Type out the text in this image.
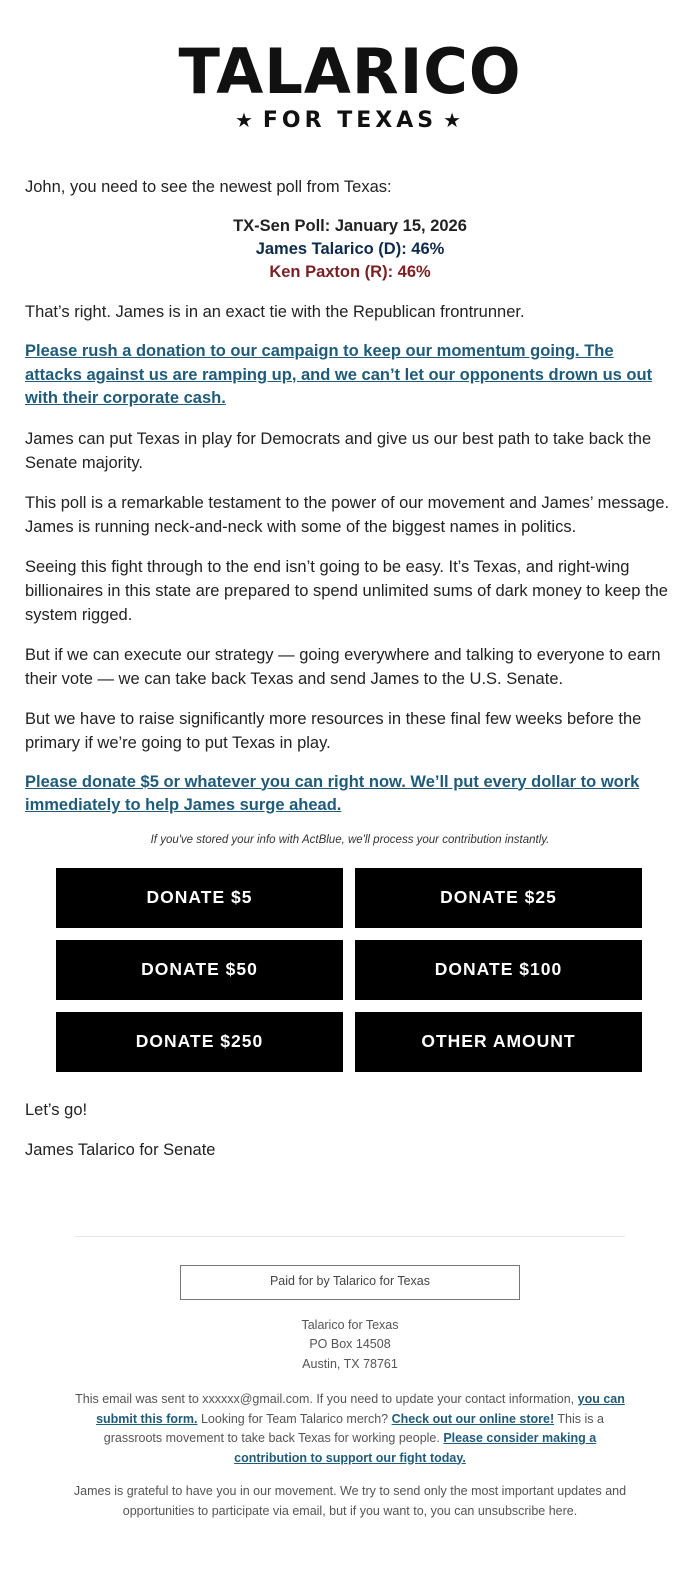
TALARICO
★ FOR TEXAS ★

John, you need to see the newest poll from Texas:

TX-Sen Poll: January 15, 2026
James Talarico (D): 46%
Ken Paxton (R): 46%

That’s right. James is in an exact tie with the Republican frontrunner.

Please rush a donation to our campaign to keep our momentum going. The attacks against us are ramping up, and we can’t let our opponents drown us out with their corporate cash.

James can put Texas in play for Democrats and give us our best path to take back the Senate majority.

This poll is a remarkable testament to the power of our movement and James’ message. James is running neck-and-neck with some of the biggest names in politics.

Seeing this fight through to the end isn’t going to be easy. It’s Texas, and right-wing billionaires in this state are prepared to spend unlimited sums of dark money to keep the system rigged.

But if we can execute our strategy — going everywhere and talking to everyone to earn their vote — we can take back Texas and send James to the U.S. Senate.

But we have to raise significantly more resources in these final few weeks before the primary if we’re going to put Texas in play.

Please donate $5 or whatever you can right now. We’ll put every dollar to work immediately to help James surge ahead.

If you've stored your info with ActBlue, we'll process your contribution instantly.

DONATE $5	DONATE $25
DONATE $50	DONATE $100
DONATE $250	OTHER AMOUNT

Let’s go!

James Talarico for Senate

Paid for by Talarico for Texas
Talarico for Texas
PO Box 14508
Austin, TX 78761

This email was sent to xxxxxx@gmail.com. If you need to update your contact information, you can submit this form. Looking for Team Talarico merch? Check out our online store! This is a grassroots movement to take back Texas for working people. Please consider making a contribution to support our fight today.

James is grateful to have you in our movement. We try to send only the most important updates and opportunities to participate via email, but if you want to, you can unsubscribe here.
